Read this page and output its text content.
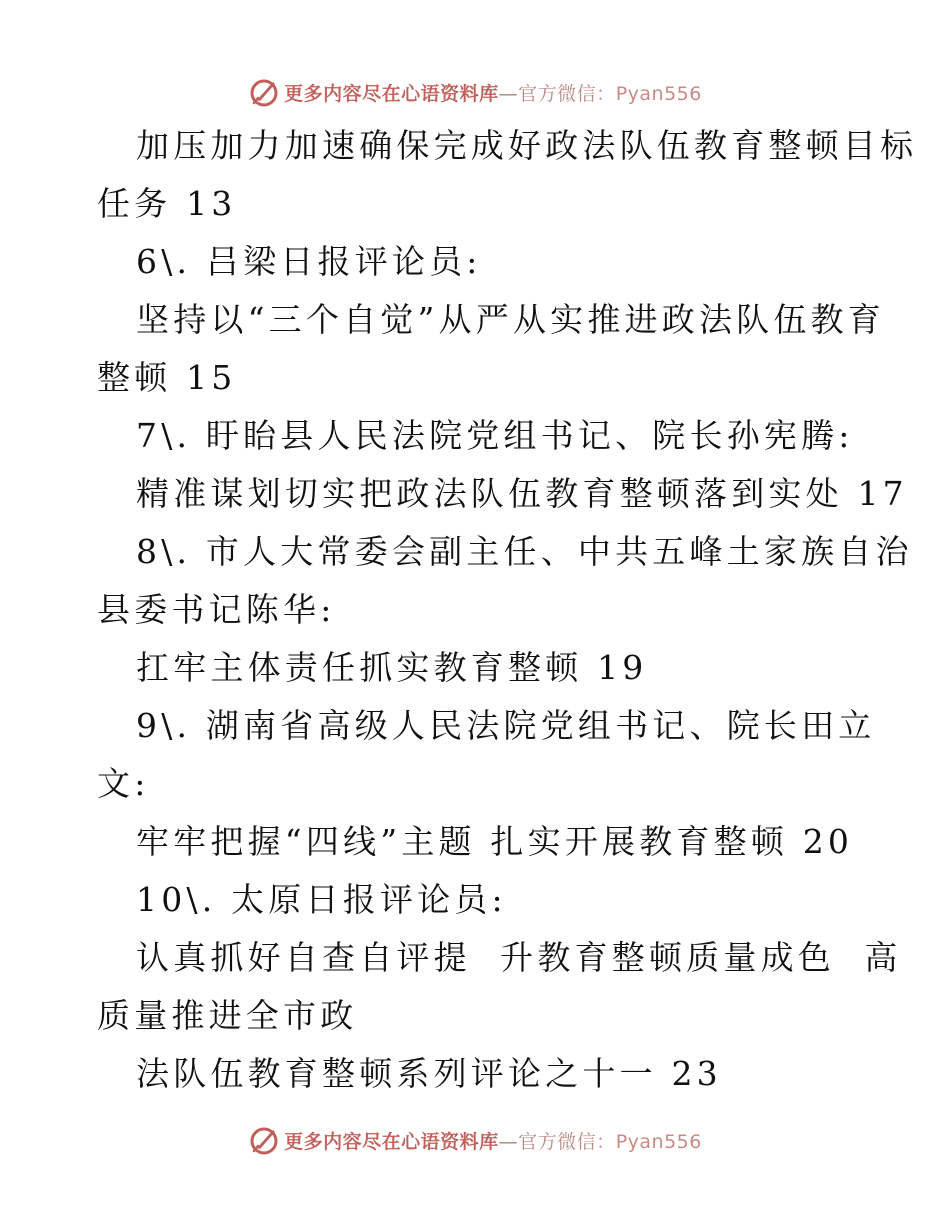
更多内容尽在心语资料库—官方微信：Pyan556
加压加力加速确保完成好政法队伍教育整顿目标
任务 13
6\. 吕梁日报评论员:
坚持以“三个自觉”从严从实推进政法队伍教育
整顿 15
7\. 盱眙县人民法院党组书记、院长孙宪腾:
精准谋划切实把政法队伍教育整顿落到实处 17
8\. 市人大常委会副主任、中共五峰土家族自治
县委书记陈华:
扛牢主体责任抓实教育整顿 19
9\. 湖南省高级人民法院党组书记、院长田立
文:
牢牢把握“四线”主题 扎实开展教育整顿 20
10\. 太原日报评论员:
认真抓好自查自评提  升教育整顿质量成色  高
质量推进全市政
法队伍教育整顿系列评论之十一 23
更多内容尽在心语资料库—官方微信：Pyan556
